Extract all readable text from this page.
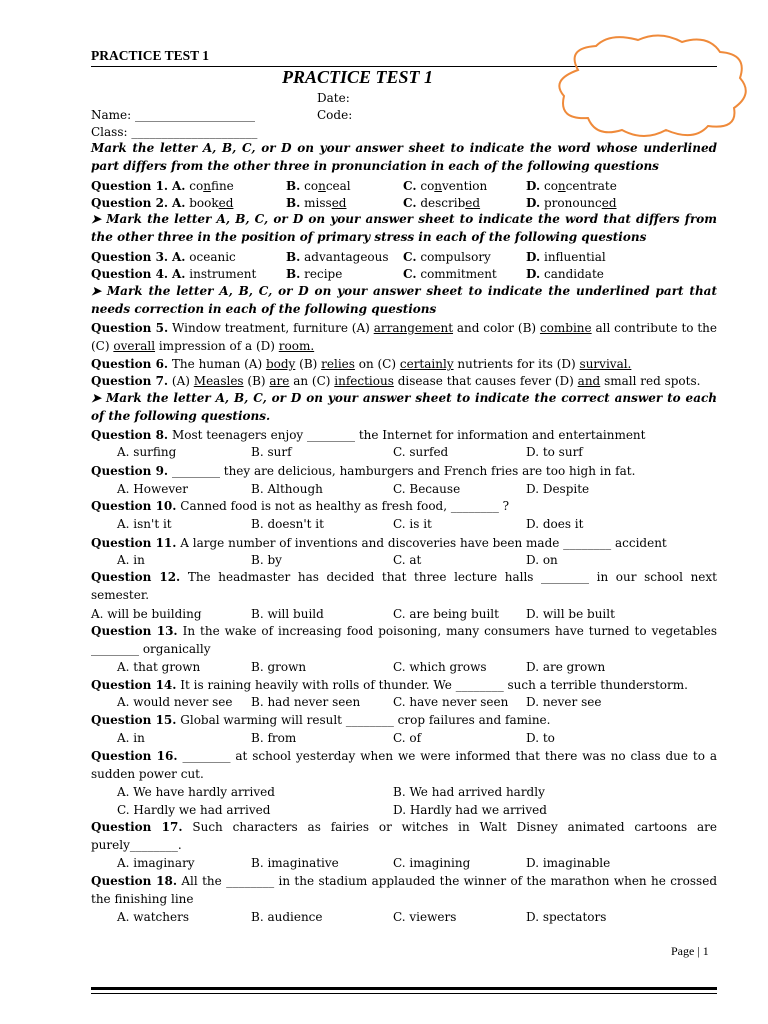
PRACTICE TEST 1
PRACTICE TEST 1
Date:
Name: ____________________	Code:
Class: _____________________
Mark the letter A, B, C, or D on your answer sheet to indicate the word whose underlined part differs from the other three in pronunciation in each of the following questions
Question 1. A. confine	B. conceal	C. convention	D. concentrate
Question 2. A. booked	B. missed	C. described	D. pronounced
➤ Mark the letter A, B, C, or D on your answer sheet to indicate the word that differs from the other three in the position of primary stress in each of the following questions
Question 3. A. oceanic	B. advantageous C. compulsory	D. influential
Question 4. A. instrument B. recipe	C. commitment D. candidate
➤ Mark the letter A, B, C, or D on your answer sheet to indicate the underlined part that needs correction in each of the following questions
Question 5. Window treatment, furniture (A) arrangement and color (B) combine all contribute to the (C) overall impression of a (D) room.
Question 6. The human (A) body (B) relies on (C) certainly nutrients for its (D) survival.
Question 7. (A) Measles (B) are an (C) infectious disease that causes fever (D) and small red spots.
➤ Mark the letter A, B, C, or D on your answer sheet to indicate the correct answer to each of the following questions.
Question 8. Most teenagers enjoy ________ the Internet for information and entertainment
A. surfing	B. surf	C. surfed	D. to surf
Question 9. ________ they are delicious, hamburgers and French fries are too high in fat.
A. However	B. Although	C. Because	D. Despite
Question 10. Canned food is not as healthy as fresh food, ________ ?
A. isn't it	B. doesn't it	C. is it	D. does it
Question 11. A large number of inventions and discoveries have been made ________ accident
A. in	B. by	C. at	D. on
Question 12. The headmaster has decided that three lecture halls ________ in our school next semester.
A. will be building	B. will build	C. are being built D. will be built
Question 13. In the wake of increasing food poisoning, many consumers have turned to vegetables ________ organically
A. that grown	B. grown	C. which grows	D. are grown
Question 14. It is raining heavily with rolls of thunder. We ________ such a terrible thunderstorm.
A. would never see B. had never seen	C. have never seen D. never see
Question 15. Global warming will result ________ crop failures and famine.
A. in	B. from	C. of	D. to
Question 16. ________ at school yesterday when we were informed that there was no class due to a sudden power cut.
A. We have hardly arrived	B. We had arrived hardly
C. Hardly we had arrived	D. Hardly had we arrived
Question 17. Such characters as fairies or witches in Walt Disney animated cartoons are purely________.
A. imaginary	B. imaginative	C. imagining	D. imaginable
Question 18. All the ________ in the stadium applauded the winner of the marathon when he crossed the finishing line
A. watchers	B. audience	C. viewers	D. spectators
Page | 1
